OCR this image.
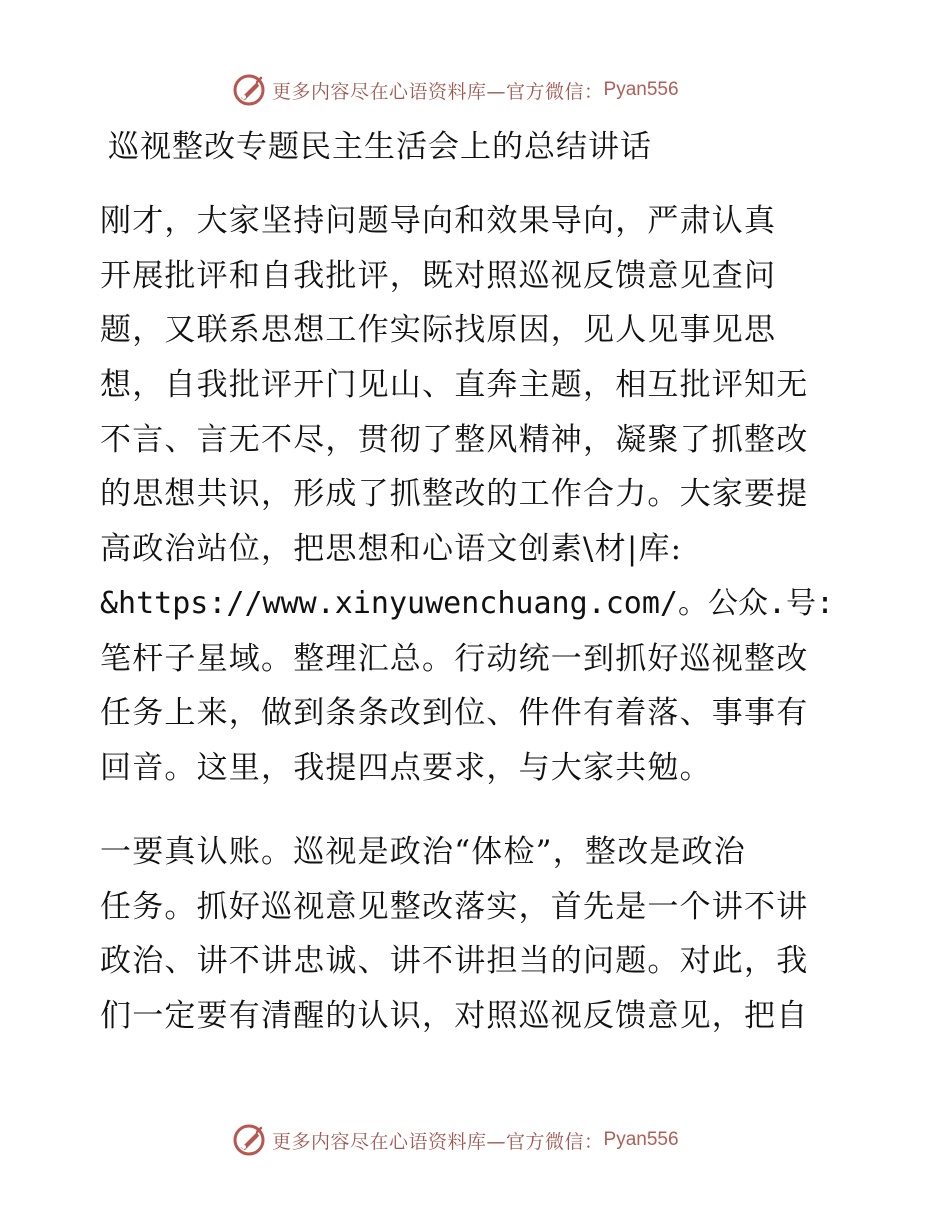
更多内容尽在心语资料库—官方微信： Pyan556
巡视整改专题民主生活会上的总结讲话
刚才，大家坚持问题导向和效果导向，严肃认真
开展批评和自我批评，既对照巡视反馈意见查问
题，又联系思想工作实际找原因，见人见事见思
想，自我批评开门见山、直奔主题，相互批评知无
不言、言无不尽，贯彻了整风精神，凝聚了抓整改
的思想共识，形成了抓整改的工作合力。大家要提
高政治站位，把思想和心语文创素\材|库:
&https://www.xinyuwenchuang.com/。公众.号:
笔杆子星域。整理汇总。行动统一到抓好巡视整改
任务上来，做到条条改到位、件件有着落、事事有
回音。这里，我提四点要求，与大家共勉。
一要真认账。巡视是政治“体检”，整改是政治
任务。抓好巡视意见整改落实，首先是一个讲不讲
政治、讲不讲忠诚、讲不讲担当的问题。对此，我
们一定要有清醒的认识，对照巡视反馈意见，把自
更多内容尽在心语资料库—官方微信： Pyan556
